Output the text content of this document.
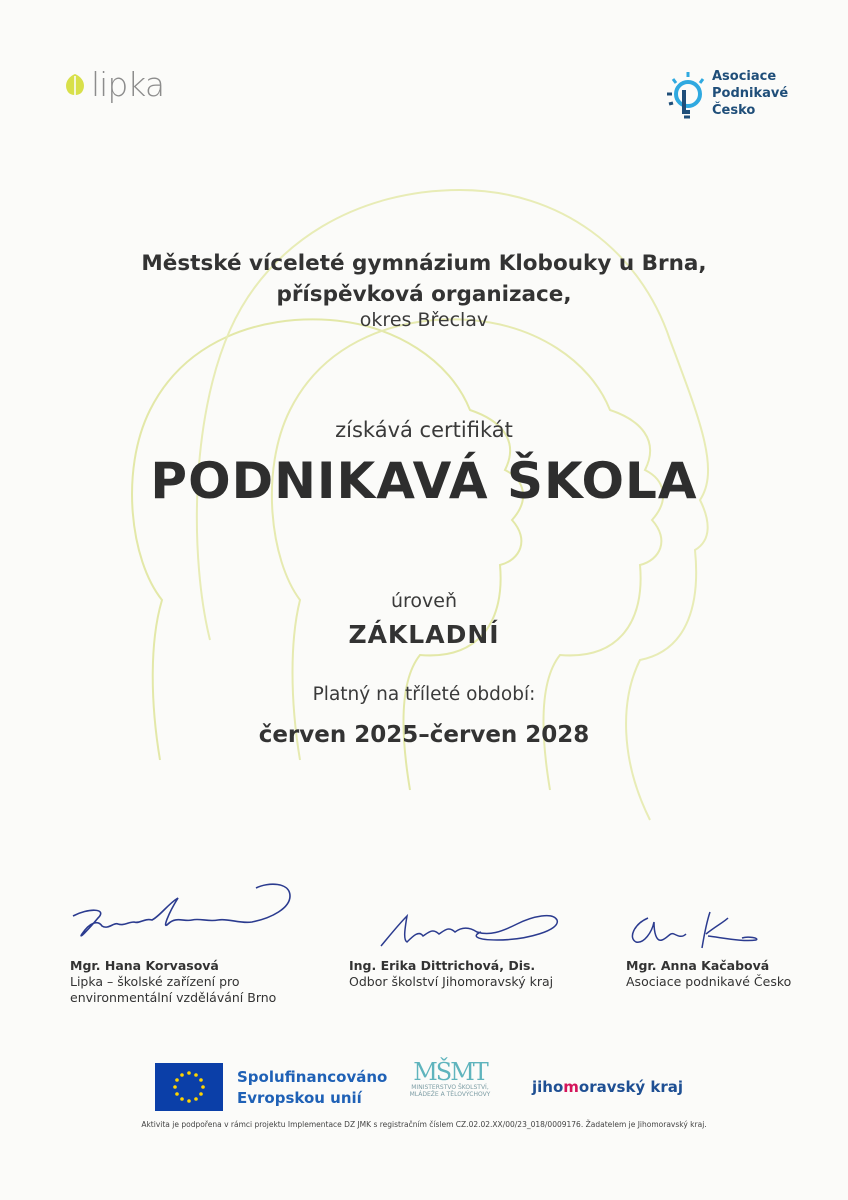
lipka	Asociace
Podnikavé
Česko
Městské víceleté gymnázium Klobouky u Brna,
příspěvková organizace,
okres Břeclav
získává certifikát
PODNIKAVÁ ŠKOLA
úroveň
ZÁKLADNÍ
Platný na tříleté období:
červen 2025–červen 2028
Mgr. Hana Korvasová
Lipka – školské zařízení pro
environmentální vzdělávání Brno
Ing. Erika Dittrichová, Dis.
Odbor školství Jihomoravský kraj
Mgr. Anna Kačabová
Asociace podnikavé Česko
Spolufinancováno
Evropskou unií
MŠMT
MINISTERSTVO ŠKOLSTVÍ,
MLÁDEŽE A TĚLOVÝCHOVY	jihomoravský kraj
Aktivita je podpořena v rámci projektu Implementace DZ JMK s registračním číslem CZ.02.02.XX/00/23_018/0009176. Žadatelem je Jihomoravský kraj.
